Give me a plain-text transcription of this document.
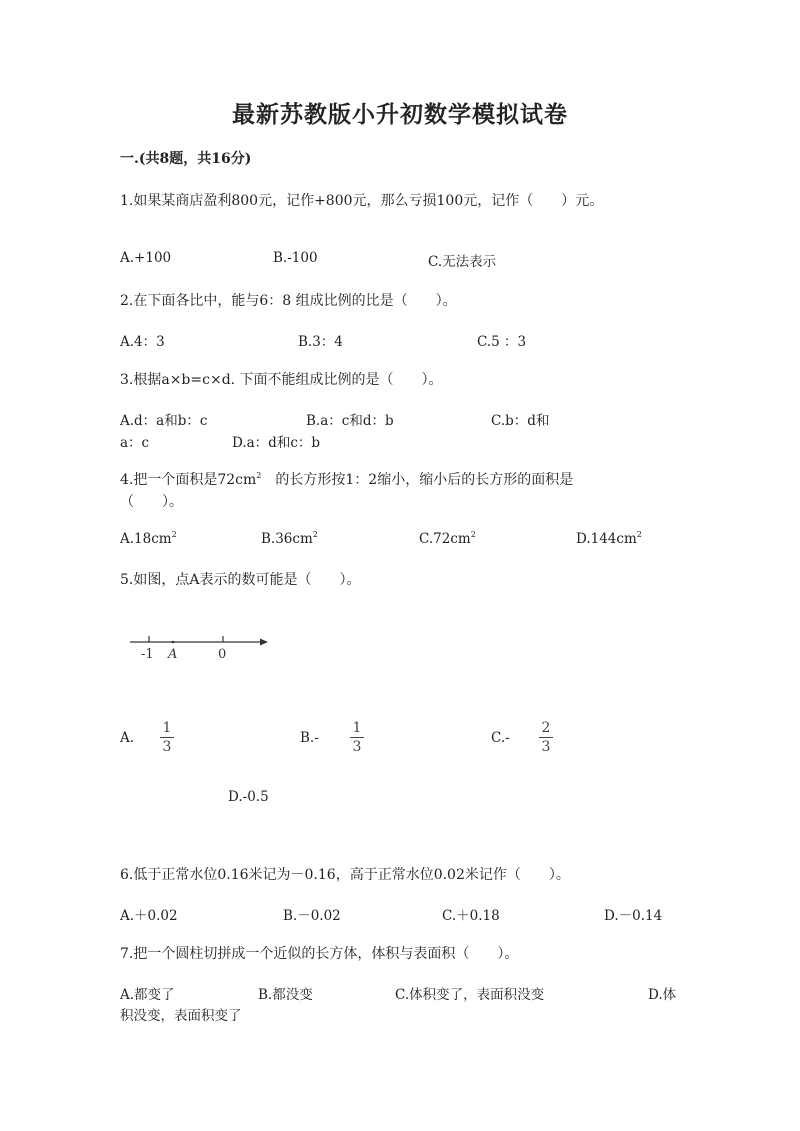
最新苏教版小升初数学模拟试卷
一.(共8题，共16分)
1.如果某商店盈利800元，记作+800元，那么亏损100元，记作（　　）元。
A.+100	B.-100	C.无法表示
2.在下面各比中，能与6：8 组成比例的比是（　　）。
A.4：3	B.3：4	C.5 ：3
3.根据a×b=c×d. 下面不能组成比例的是（　　）。
A.d：a和b：c	B.a：c和d：b	C.b：d和
a：c	D.a：d和c：b
4.把一个面积是$72cm^2$　的长方形按1：2缩小，缩小后的长方形的面积是
（　　）。
$A.18cm^2$	$B.36cm^2$	$C.72cm^2$	$D.144cm^2$
5.如图，点A表示的数可能是（　　）。
-1 A	0
A.
1
3
B.-
1
3
C.-
2
3
D.-0.5
6.低于正常水位0.16米记为－0.16，高于正常水位0.02米记作（　　）。
A.＋0.02	B.－0.02	C.＋0.18	D.－0.14
7.把一个圆柱切拼成一个近似的长方体，体积与表面积（　　）。
A.都变了	B.都没变	C.体积变了，表面积没变	D.体
积没变，表面积变了
